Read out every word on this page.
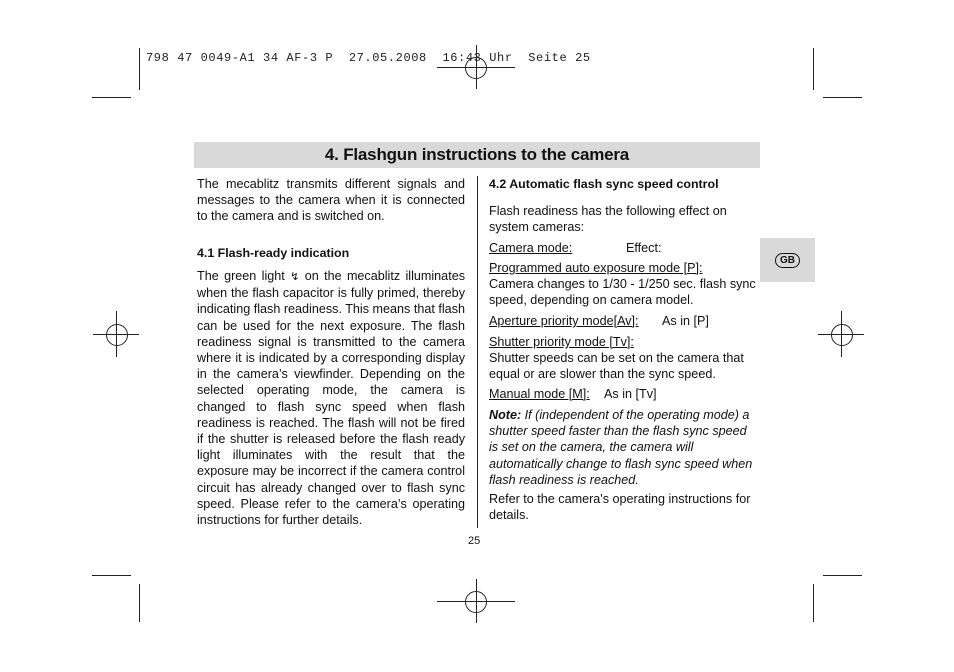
798 47 0049-A1 34 AF-3 P  27.05.2008  16:43 Uhr  Seite 25
4. Flashgun instructions to the camera
GB
The mecablitz transmits different signals and messages to the camera when it is connected to the camera and is switched on.
4.1 Flash-ready indication
The green light ↯ on the mecablitz illuminates when the flash capacitor is fully primed, thereby indicating flash readiness. This means that flash can be used for the next exposure. The flash readiness signal is transmitted to the camera where it is indicated by a corresponding display in the camera’s viewfinder. Depending on the selected operating mode, the camera is changed to flash sync speed when flash readiness is reached. The flash will not be fired if the shutter is released before the flash ready light illuminates with the result that the exposure may be incorrect if the camera control circuit has already changed over to flash sync speed. Please refer to the camera’s operating instructions for further details.
4.2 Automatic flash sync speed control
Flash readiness has the following effect on system cameras:
Camera mode:	Effect:
Programmed auto exposure mode [P]:
Camera changes to 1/30 - 1/250 sec. flash sync speed, depending on camera model.
Aperture priority mode[Av]:	As in [P]
Shutter priority mode [Tv]:
Shutter speeds can be set on the camera that equal or are slower than the sync speed.
Manual mode [M]:	As in [Tv]
Note: If (independent of the operating mode) a shutter speed faster than the flash sync speed is set on the camera, the camera will automatically change to flash sync speed when flash readiness is reached.
Refer to the camera's operating instructions for details.
25
